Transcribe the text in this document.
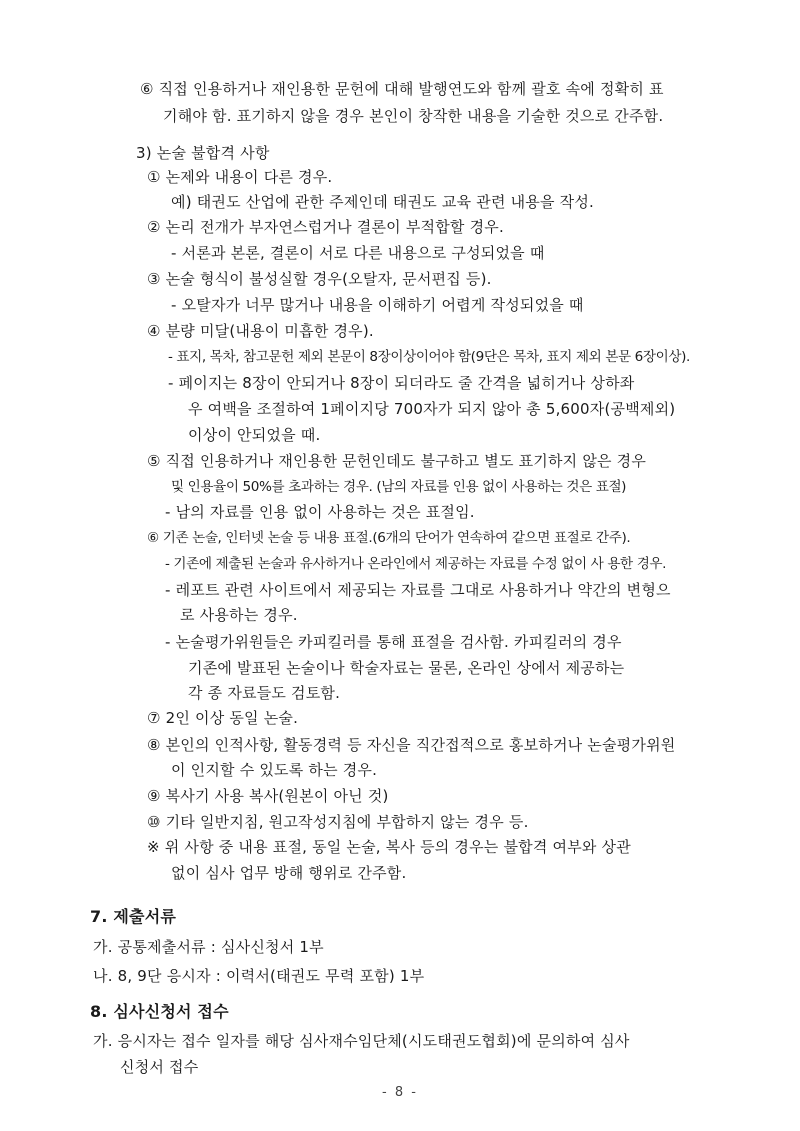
⑥ 직접 인용하거나 재인용한 문헌에 대해 발행연도와 함께 괄호 속에 정확히 표
기해야 함. 표기하지 않을 경우 본인이 창작한 내용을 기술한 것으로 간주함.
3) 논술 불합격 사항
① 논제와 내용이 다른 경우.
예) 태권도 산업에 관한 주제인데 태권도 교육 관련 내용을 작성.
② 논리 전개가 부자연스럽거나 결론이 부적합할 경우.
- 서론과 본론, 결론이 서로 다른 내용으로 구성되었을 때
③ 논술 형식이 불성실할 경우(오탈자, 문서편집 등).
- 오탈자가 너무 많거나 내용을 이해하기 어렵게 작성되었을 때
④ 분량 미달(내용이 미흡한 경우).
- 표지, 목차, 참고문헌 제외 본문이 8장이상이어야 함(9단은 목차, 표지 제외 본문 6장이상).
- 페이지는 8장이 안되거나 8장이 되더라도 줄 간격을 넓히거나 상하좌
우 여백을 조절하여 1페이지당 700자가 되지 않아 총 5,600자(공백제외)
이상이 안되었을 때.
⑤ 직접 인용하거나 재인용한 문헌인데도 불구하고 별도 표기하지 않은 경우
및 인용율이 50%를 초과하는 경우. (남의 자료를 인용 없이 사용하는 것은 표절)
- 남의 자료를 인용 없이 사용하는 것은 표절임.
⑥ 기존 논술, 인터넷 논술 등 내용 표절.(6개의 단어가 연속하여 같으면 표절로 간주).
- 기존에 제출된 논술과 유사하거나 온라인에서 제공하는 자료를 수정 없이 사 용한 경우.
- 레포트 관련 사이트에서 제공되는 자료를 그대로 사용하거나 약간의 변형으
로 사용하는 경우.
- 논술평가위원들은 카피킬러를 통해 표절을 검사함. 카피킬러의 경우
기존에 발표된 논술이나 학술자료는 물론, 온라인 상에서 제공하는
각 종 자료들도 검토함.
⑦ 2인 이상 동일 논술.
⑧ 본인의 인적사항, 활동경력 등 자신을 직간접적으로 홍보하거나 논술평가위원
이 인지할 수 있도록 하는 경우.
⑨ 복사기 사용 복사(원본이 아닌 것)
⑩ 기타 일반지침, 원고작성지침에 부합하지 않는 경우 등.
※ 위 사항 중 내용 표절, 동일 논술, 복사 등의 경우는 불합격 여부와 상관
없이 심사 업무 방해 행위로 간주함.
7. 제출서류
가. 공통제출서류 : 심사신청서 1부
나. 8, 9단 응시자 : 이력서(태권도 무력 포함) 1부
8. 심사신청서 접수
가. 응시자는 접수 일자를 해당 심사재수임단체(시도태권도협회)에 문의하여 심사
신청서 접수
- 8 -
